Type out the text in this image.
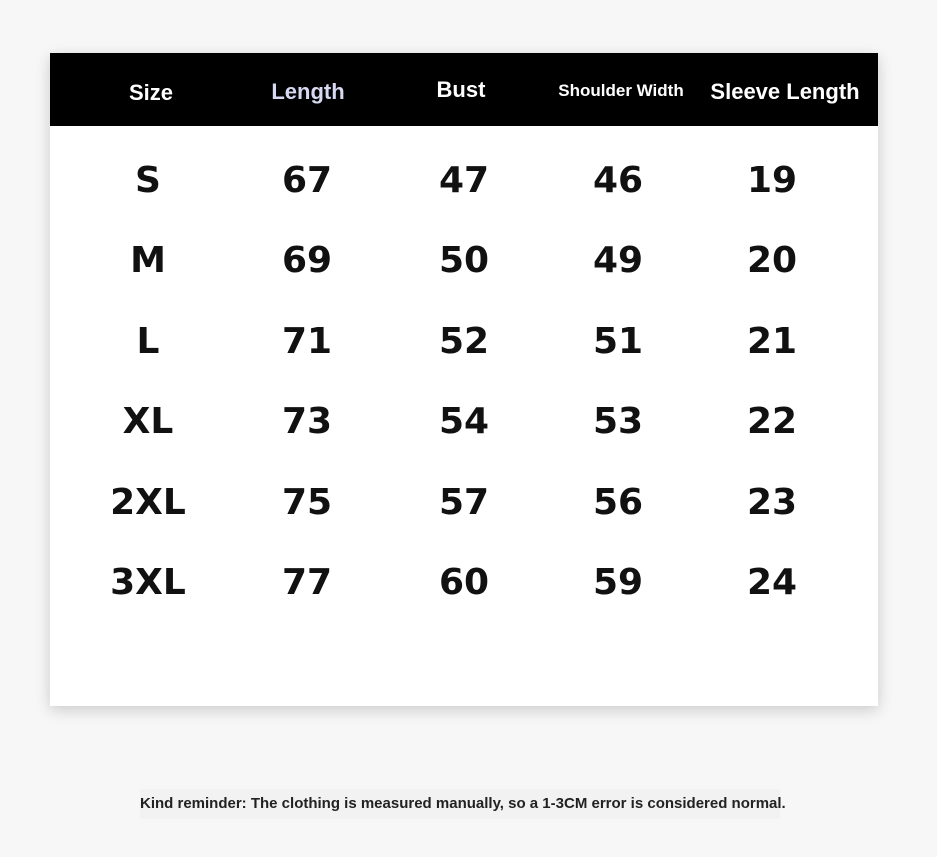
Size	Length	Bust	Shoulder Width	Sleeve Length
S	67	47	46	19
M	69	50	49	20
L	71	52	51	21
XL	73	54	53	22
2XL	75	57	56	23
3XL	77	60	59	24
Kind reminder: The clothing is measured manually, so a 1-3CM error is considered normal.
